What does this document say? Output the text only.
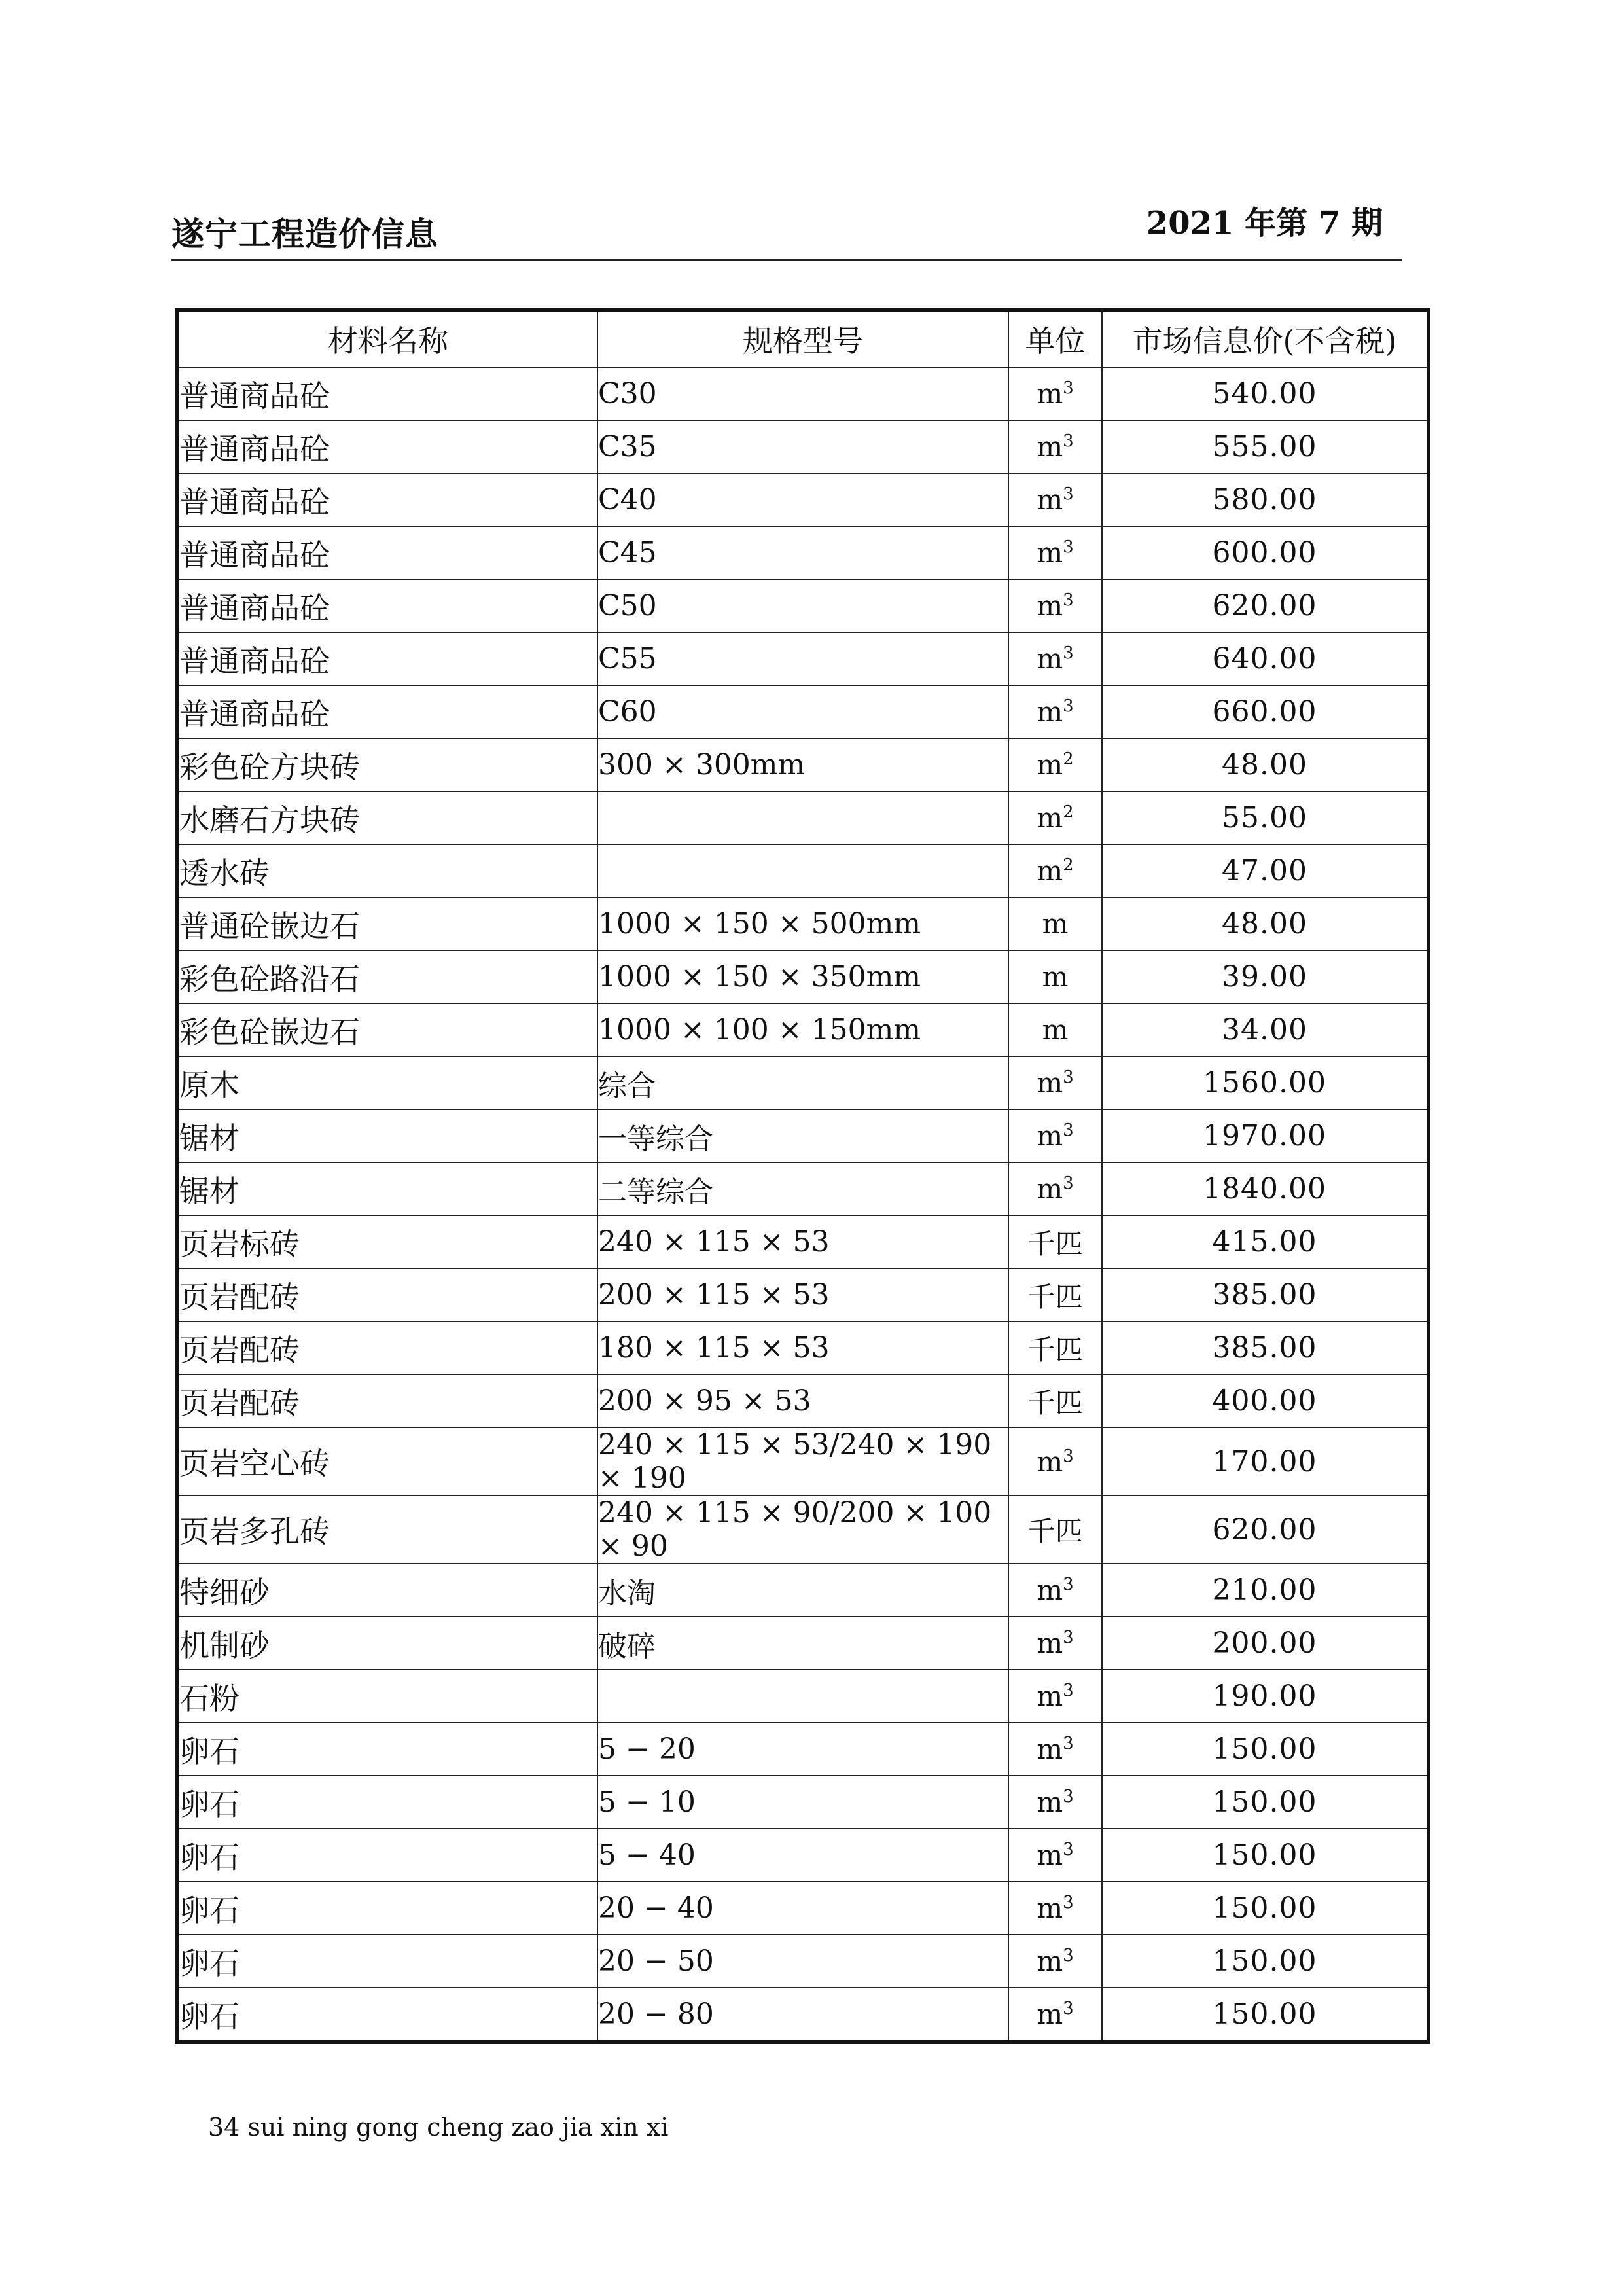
遂宁工程造价信息	2021 年第 7 期
材料名称	规格型号	单位	市场信息价(不含税)
普通商品砼	C30	$m^3$	540.00
普通商品砼	C35	$m^3$	555.00
普通商品砼	C40	$m^3$	580.00
普通商品砼	C45	$m^3$	600.00
普通商品砼	C50	$m^3$	620.00
普通商品砼	C55	$m^3$	640.00
普通商品砼	C60	$m^3$	660.00
彩色砼方块砖	300 × 300mm	$m^2$	48.00
水磨石方块砖		$m^2$	55.00
透水砖		$m^2$	47.00
普通砼嵌边石	1000 × 150 × 500mm	m	48.00
彩色砼路沿石	1000 × 150 × 350mm	m	39.00
彩色砼嵌边石	1000 × 100 × 150mm	m	34.00
原木	综合	$m^3$	1560.00
锯材	一等综合	$m^3$	1970.00
锯材	二等综合	$m^3$	1840.00
页岩标砖	240 × 115 × 53	千匹	415.00
页岩配砖	200 × 115 × 53	千匹	385.00
页岩配砖	180 × 115 × 53	千匹	385.00
页岩配砖	200 × 95 × 53	千匹	400.00
页岩空心砖	240 × 115 × 53/240 × 190 × 190	$m^3$	170.00
页岩多孔砖	240 × 115 × 90/200 × 100 × 90	千匹	620.00
特细砂	水淘	$m^3$	210.00
机制砂	破碎	$m^3$	200.00
石粉		$m^3$	190.00
卵石	5 − 20	$m^3$	150.00
卵石	5 − 10	$m^3$	150.00
卵石	5 − 40	$m^3$	150.00
卵石	20 − 40	$m^3$	150.00
卵石	20 − 50	$m^3$	150.00
卵石	20 − 80	$m^3$	150.00
34 sui ning gong cheng zao jia xin xi
